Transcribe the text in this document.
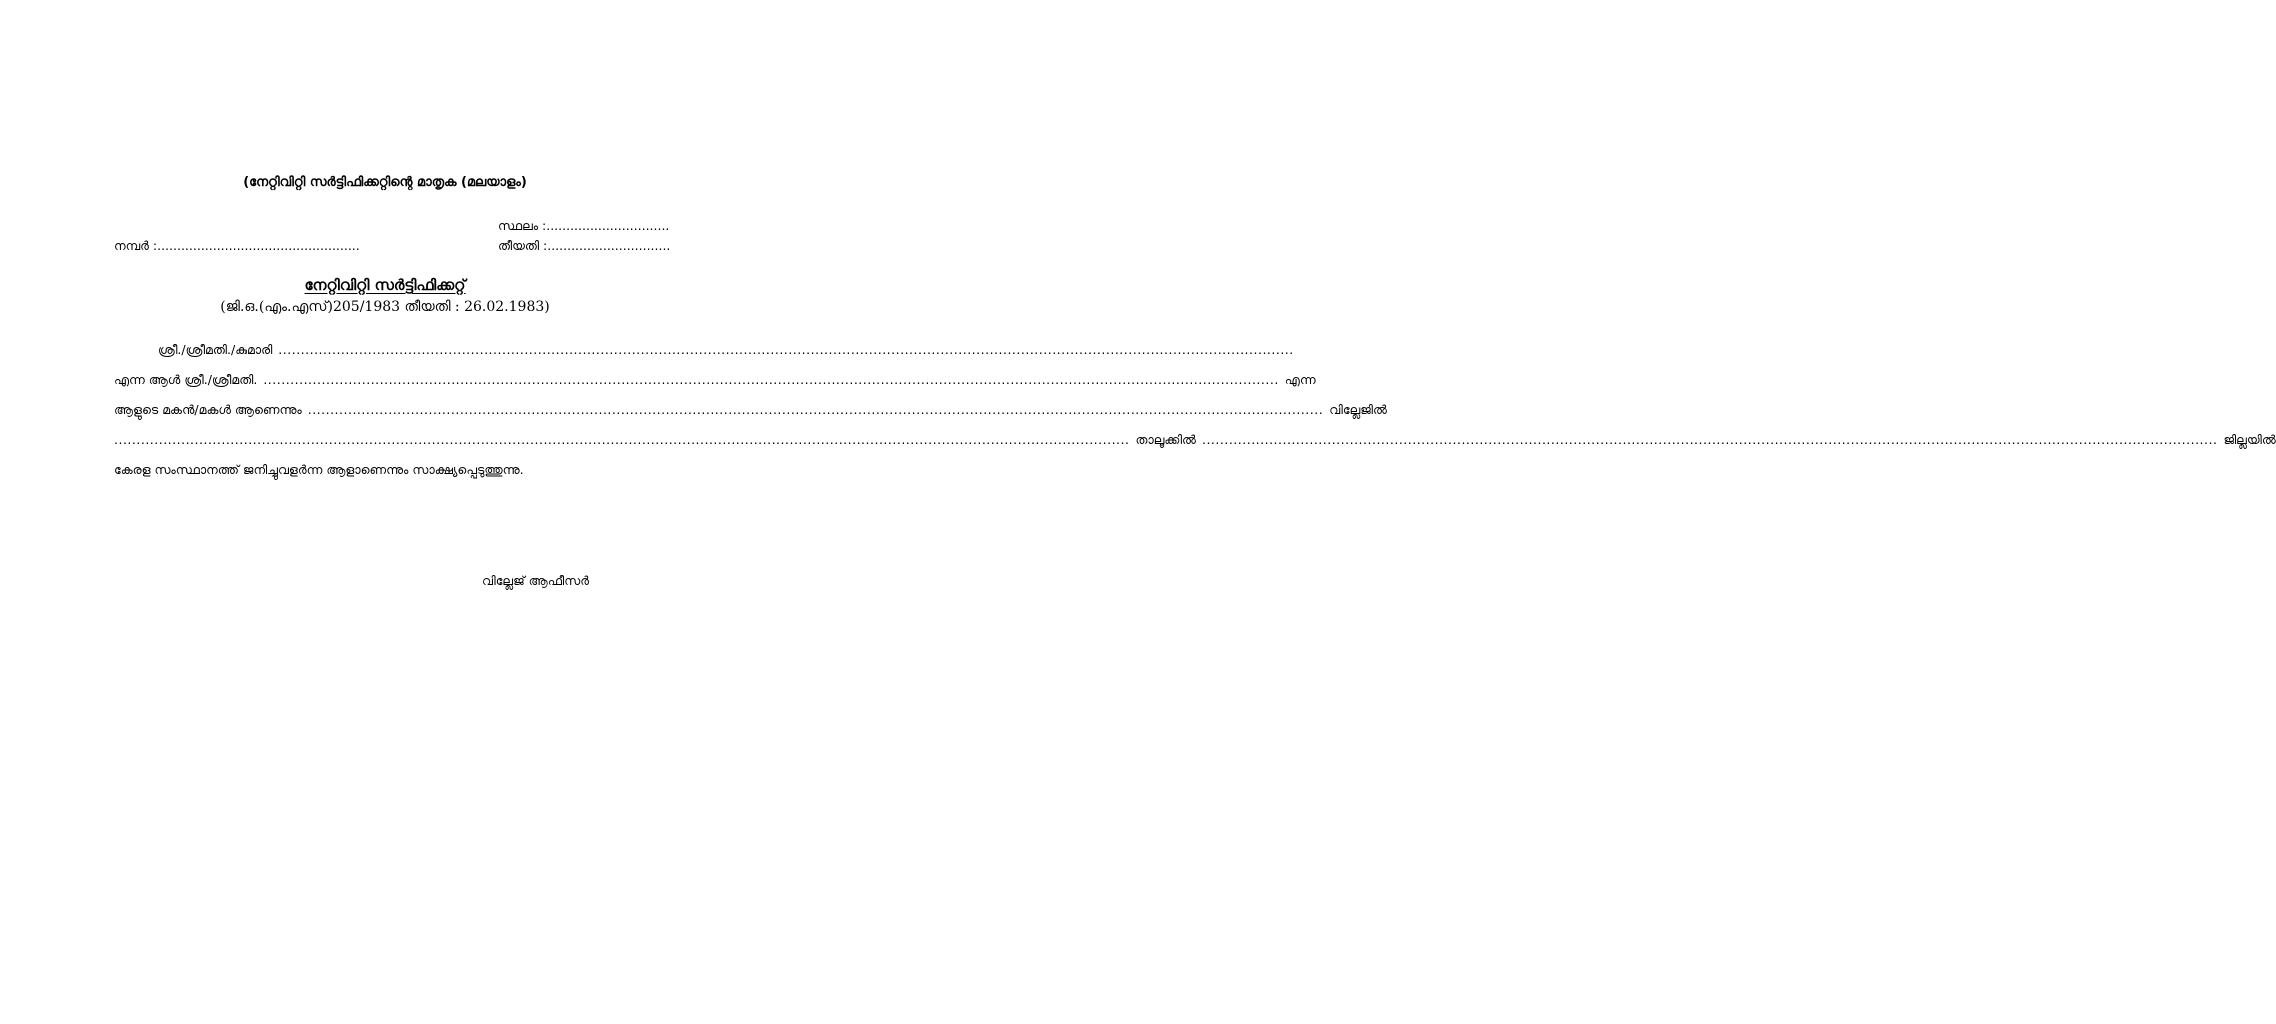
(നേറ്റിവിറ്റി സർട്ടിഫിക്കറ്റിന്റെ മാതൃക (മലയാളം)
സ്ഥലം :...............................
നമ്പർ :...................................................	തീയതി :...............................
നേറ്റിവിറ്റി സർട്ടിഫിക്കറ്റ്
(ജി.ഒ.(എം.എസ്)205/1983 തീയതി : 26.02.1983)
ശ്രീ./ശ്രീമതി./കുമാരി ...................................................................................................................................................................................................................................
എന്ന ആൾ ശ്രീ./ശ്രീമതി. ................................................................................................................................................................................................................................... എന്ന
ആളുടെ മകൻ/മകൾ ആണെന്നും ................................................................................................................................................................................................................................... വില്ലേജിൽ
................................................................................................................................................................................................................................... താലൂക്കിൽ ................................................................................................................................................................................................................................... ജില്ലയിൽ
കേരള സംസ്ഥാനത്ത് ജനിച്ചുവളർന്ന ആളാണെന്നും സാക്ഷ്യപ്പെടുത്തുന്നു.
വില്ലേജ് ആഫീസർ
